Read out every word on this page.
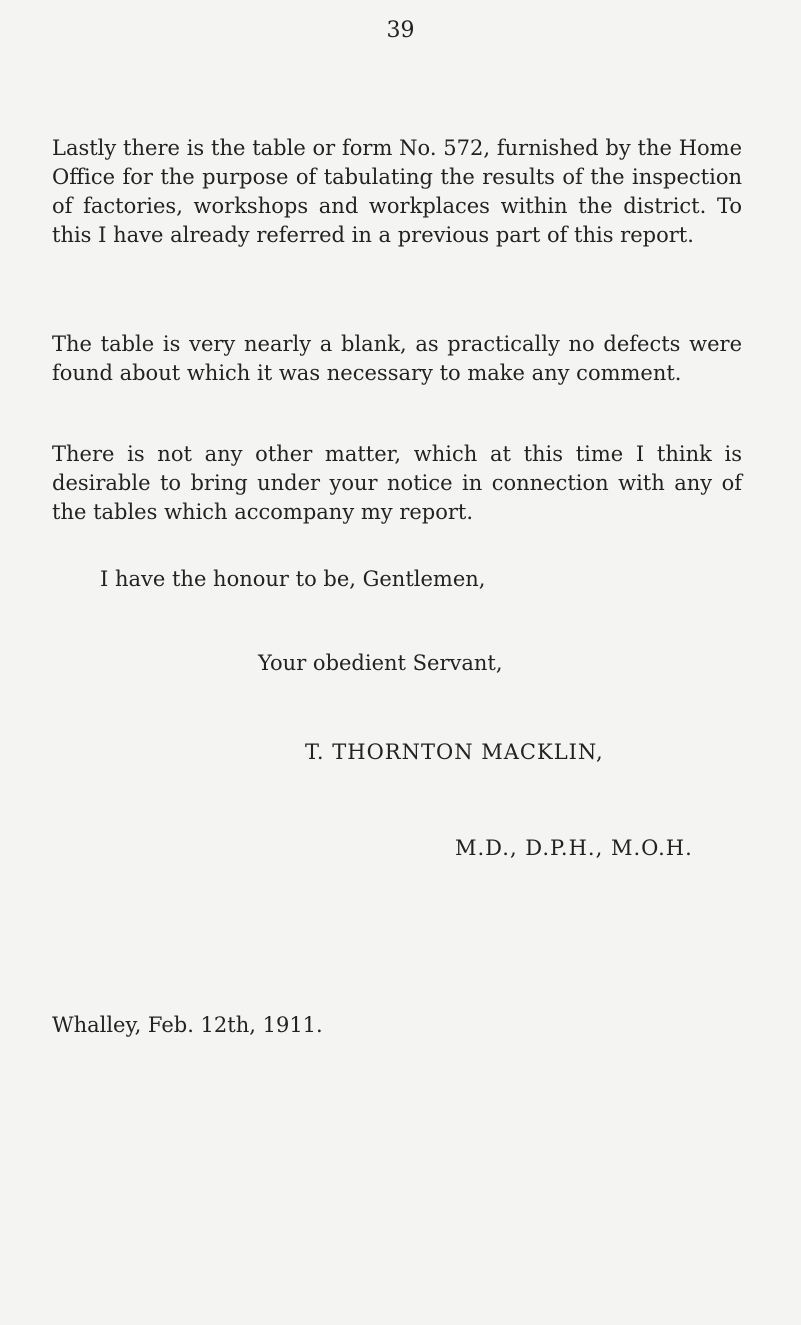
39

Lastly there is the table or form No. 572, furnished by the Home Office for the purpose of tabulating the results of the inspection of factories, workshops and workplaces within the district. To this I have already referred in a previous part of this report.

The table is very nearly a blank, as practically no defects were found about which it was necessary to make any comment.

There is not any other matter, which at this time I think is desirable to bring under your notice in connection with any of the tables which accompany my report.

I have the honour to be, Gentlemen,

Your obedient Servant,

T. THORNTON MACKLIN,

M.D., D.P.H., M.O.H.

Whalley, Feb. 12th, 1911.
